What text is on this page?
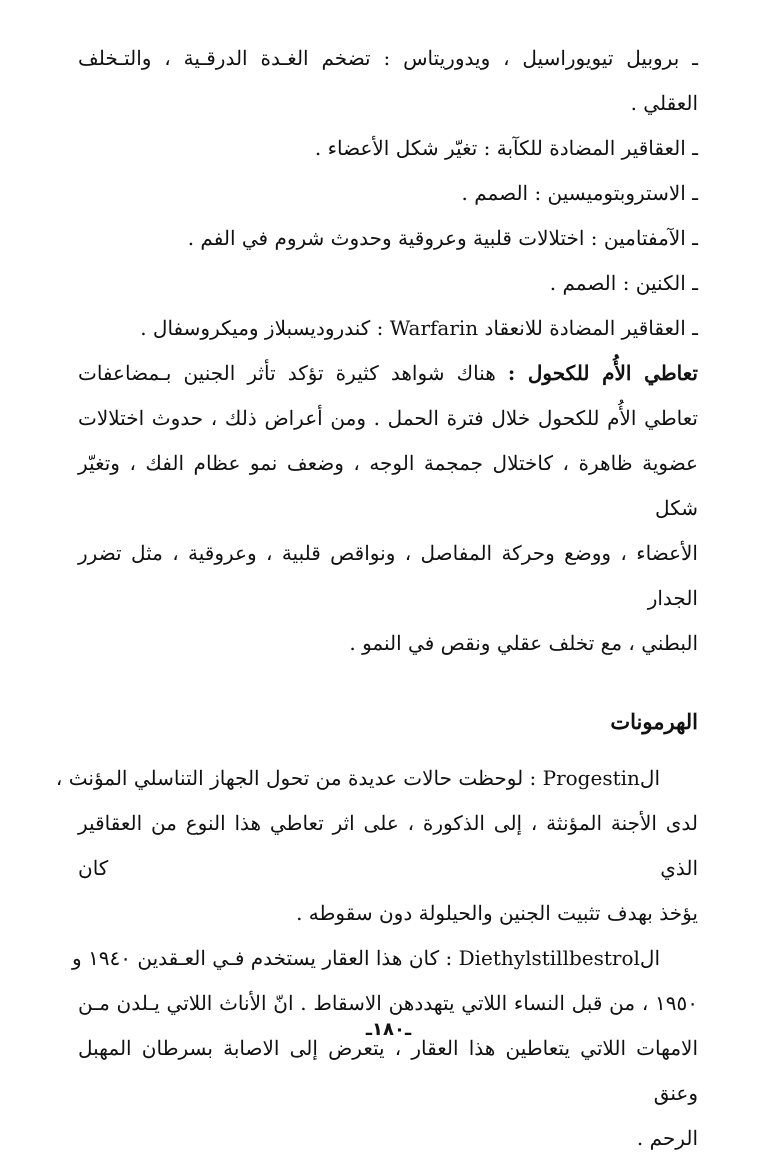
ـ بروبيل تيويوراسيل ، ويدوريتاس : تضخم الغـدة الدرقـية ، والتـخلف

العقلي .

ـ العقاقير المضادة للكآبة : تغيّر شكل الأعضاء .

ـ الاستروبتوميسين : الصمم .

ـ الآمفتامين : اختلالات قلبية وعروقية وحدوث شروم في الفم .

ـ الكنين : الصمم .

ـ العقاقير المضادة للانعقاد Warfarin : كندروديسبلاز وميكروسفال .

تعاطي الأُم للكحول : هناك شواهد كثيرة تؤكد تأثر الجنين بـمضاعفات

تعاطي الأُم للكحول خلال فترة الحمل . ومن أعراض ذلك ، حدوث اختلالات

عضوية ظاهرة ، كاختلال جمجمة الوجه ، وضعف نمو عظام الفك ، وتغيّر شكل

الأعضاء ، ووضع وحركة المفاصل ، ونواقص قلبية ، وعروقية ، مثل تضرر الجدار

البطني ، مع تخلف عقلي ونقص في النمو .

الهرمونات

الProgestin : لوحظت حالات عديدة من تحول الجهاز التناسلي المؤنث ،

لدى الأجنة المؤنثة ، إلى الذكورة ، على اثر تعاطي هذا النوع من العقاقير الذي كان

يؤخذ بهدف تثبيت الجنين والحيلولة دون سقوطه .

الDiethylstillbestrol : كان هذا العقار يستخدم فـي العـقدين ١٩٤٠ و

١٩٥٠ ، من قبل النساء اللاتي يتهددهن الاسقاط . انّ الأناث اللاتي يـلدن مـن

الامهات اللاتي يتعاطين هذا العقار ، يتعرض إلى الاصابة بسرطان المهبل وعنق

الرحم .

ـ١٨٠ـ
